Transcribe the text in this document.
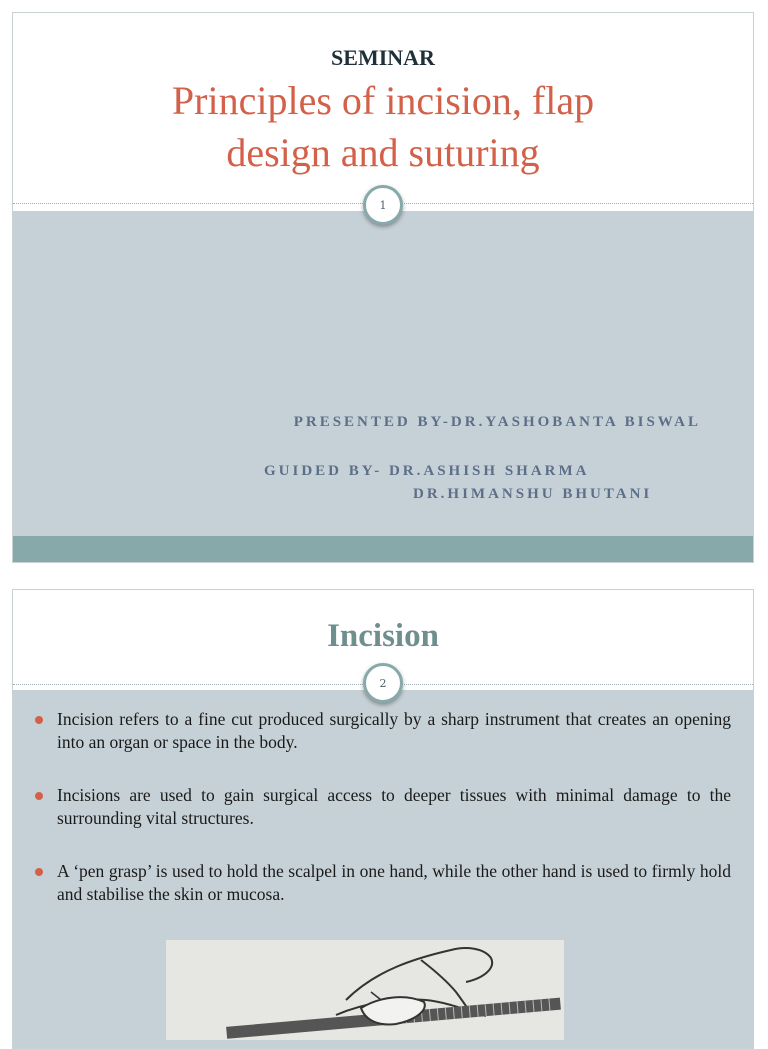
SEMINAR
Principles of incision, flap
design and suturing
1
PRESENTED BY-DR.YASHOBANTA BISWAL
GUIDED BY- DR.ASHISH SHARMA
DR.HIMANSHU BHUTANI
Incision
2
Incision refers to a fine cut produced surgically by a sharp instrument that creates an opening into an organ or space in the body.
Incisions are used to gain surgical access to deeper tissues with minimal damage to the surrounding vital structures.
A ‘pen grasp’ is used to hold the scalpel in one hand, while the other hand is used to firmly hold and stabilise the skin or mucosa.
